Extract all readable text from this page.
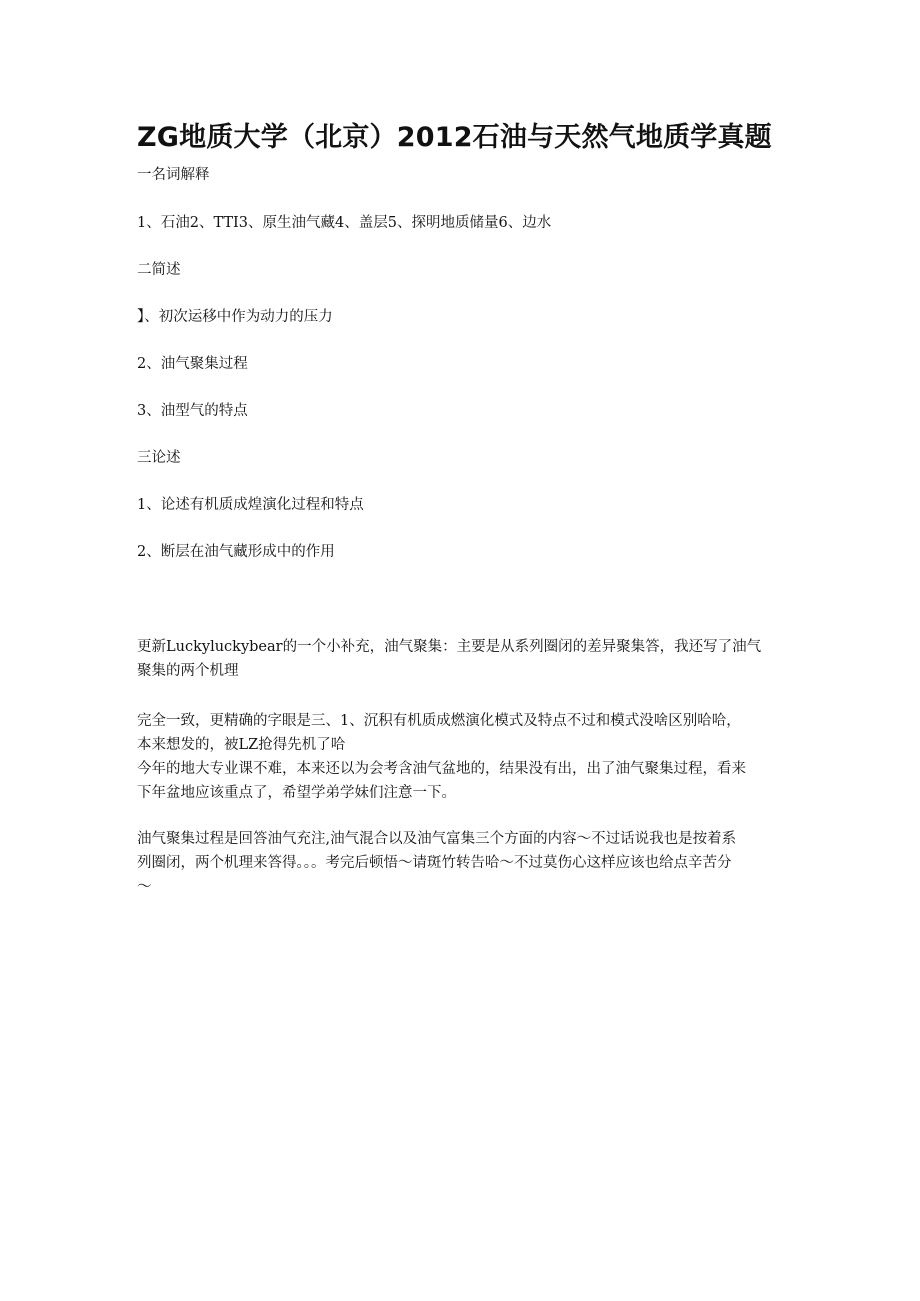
ZG地质大学（北京）2012石油与天然气地质学真题

一名词解释

1、石油2、TTI3、原生油气藏4、盖层5、探明地质储量6、边水

二简述

】、初次运移中作为动力的压力

2、油气聚集过程

3、油型气的特点

三论述

1、论述有机质成煌演化过程和特点

2、断层在油气藏形成中的作用

更新Luckyluckybear的一个小补充，油气聚集：主要是从系列圈闭的差异聚集答，我还写了油气
聚集的两个机理
完全一致，更精确的字眼是三、1、沉积有机质成燃演化模式及特点不过和模式没啥区别哈哈，
本来想发的，被LZ抢得先机了哈
今年的地大专业课不难，本来还以为会考含油气盆地的，结果没有出，出了油气聚集过程，看来
下年盆地应该重点了，希望学弟学妹们注意一下。
油气聚集过程是回答油气充注,油气混合以及油气富集三个方面的内容～不过话说我也是按着系
列圈闭，两个机理来答得。。。考完后顿悟～请斑竹转告哈～不过莫伤心这样应该也给点辛苦分
～
